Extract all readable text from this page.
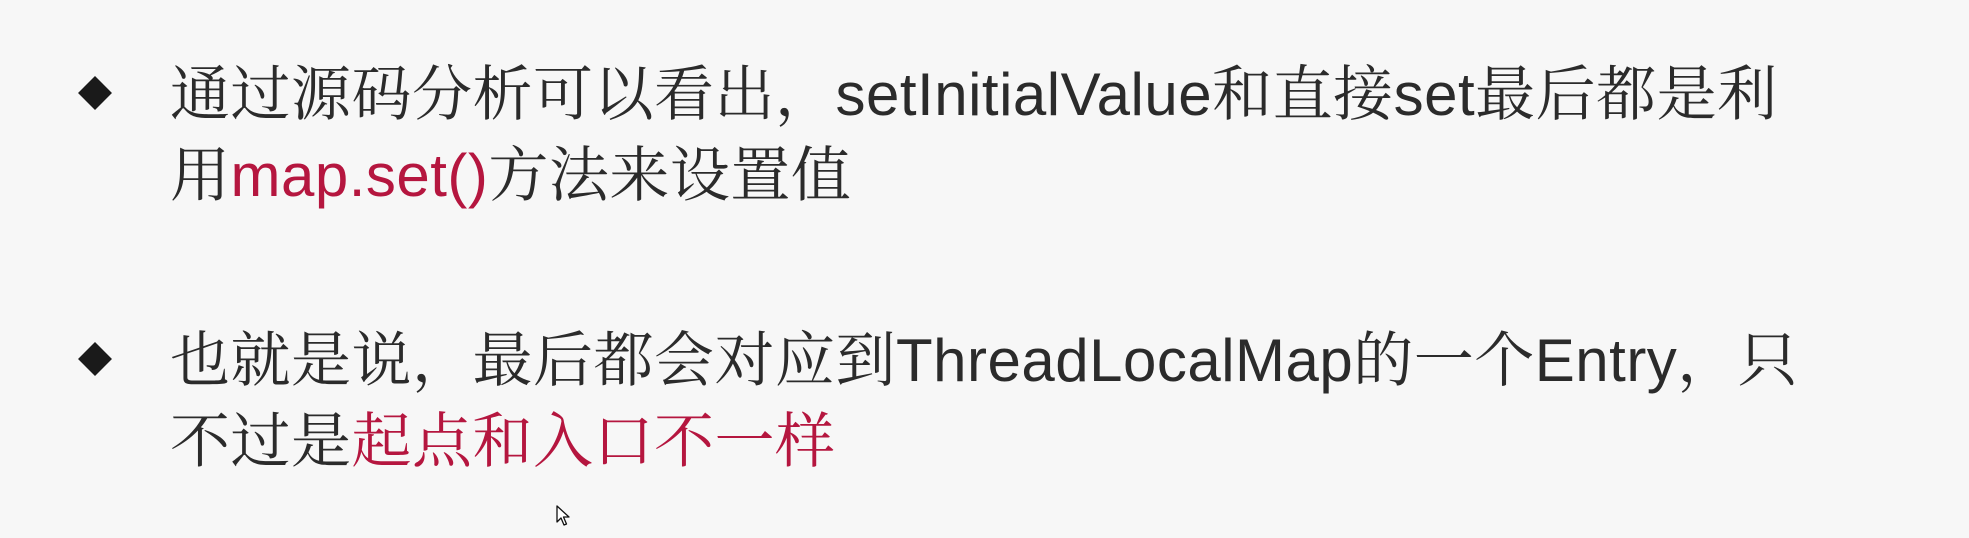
通过源码分析可以看出，setInitialValue和直接set最后都是利
用map.set()方法来设置值
也就是说，最后都会对应到ThreadLocalMap的一个Entry，只
不过是起点和入口不一样
